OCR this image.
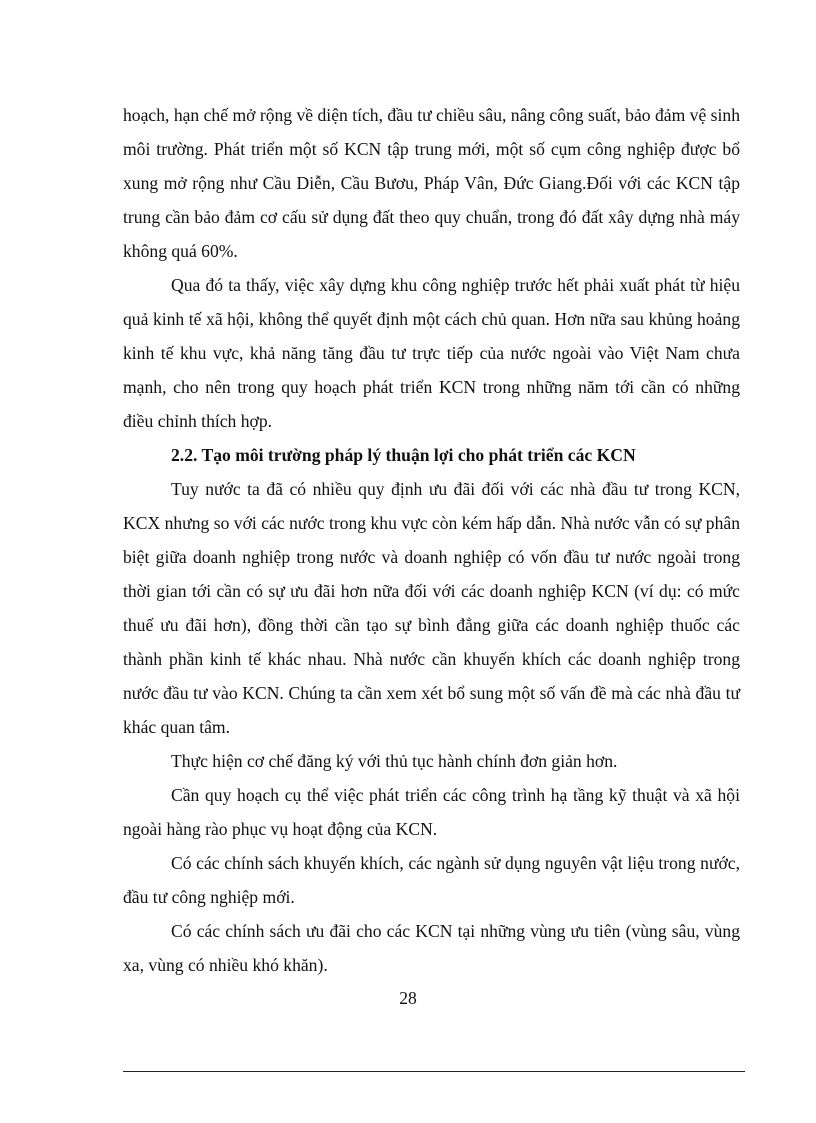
hoạch, hạn chế mở rộng về diện tích, đầu tư chiều sâu, nâng công suất, bảo đảm vệ sinh môi trường. Phát triển một số KCN tập trung mới, một số cụm công nghiệp được bổ xung mở rộng như Cầu Diễn, Cầu Bươu, Pháp Vân, Đức Giang.Đối với các KCN tập trung cần bảo đảm cơ cấu sử dụng đất theo quy chuẩn, trong đó đất xây dựng nhà máy không quá 60%.

Qua đó ta thấy, việc xây dựng khu công nghiệp trước hết phải xuất phát từ hiệu quả kinh tế xã hội, không thể quyết định một cách chủ quan. Hơn nữa sau khủng hoảng kinh tế khu vực, khả năng tăng đầu tư trực tiếp của nước ngoài vào Việt Nam chưa mạnh, cho nên trong quy hoạch phát triển KCN trong những năm tới cần có những điều chỉnh thích hợp.

2.2. Tạo môi trường pháp lý thuận lợi cho phát triển các KCN

Tuy nước ta đã có nhiều quy định ưu đãi đối với các nhà đầu tư trong KCN, KCX nhưng so với các nước trong khu vực còn kém hấp dẫn. Nhà nước vẫn có sự phân biệt giữa doanh nghiệp trong nước và doanh nghiệp có vốn đầu tư nước ngoài trong thời gian tới cần có sự ưu đãi hơn nữa đối với các doanh nghiệp KCN (ví dụ: có mức thuế ưu đãi hơn), đồng thời cần tạo sự bình đẳng giữa các doanh nghiệp thuốc các thành phần kinh tế khác nhau. Nhà nước cần khuyến khích các doanh nghiệp trong nước đầu tư vào KCN. Chúng ta cần xem xét bổ sung một số vấn đề mà các nhà đầu tư khác quan tâm.

Thực hiện cơ chế đăng ký với thủ tục hành chính đơn giản hơn.

Cần quy hoạch cụ thể việc phát triển các công trình hạ tầng kỹ thuật và xã hội ngoài hàng rào phục vụ hoạt động của KCN.

Có các chính sách khuyến khích, các ngành sử dụng nguyên vật liệu trong nước, đầu tư công nghiệp mới.

Có các chính sách ưu đãi cho các KCN tại những vùng ưu tiên (vùng sâu, vùng xa, vùng có nhiều khó khăn).

28
